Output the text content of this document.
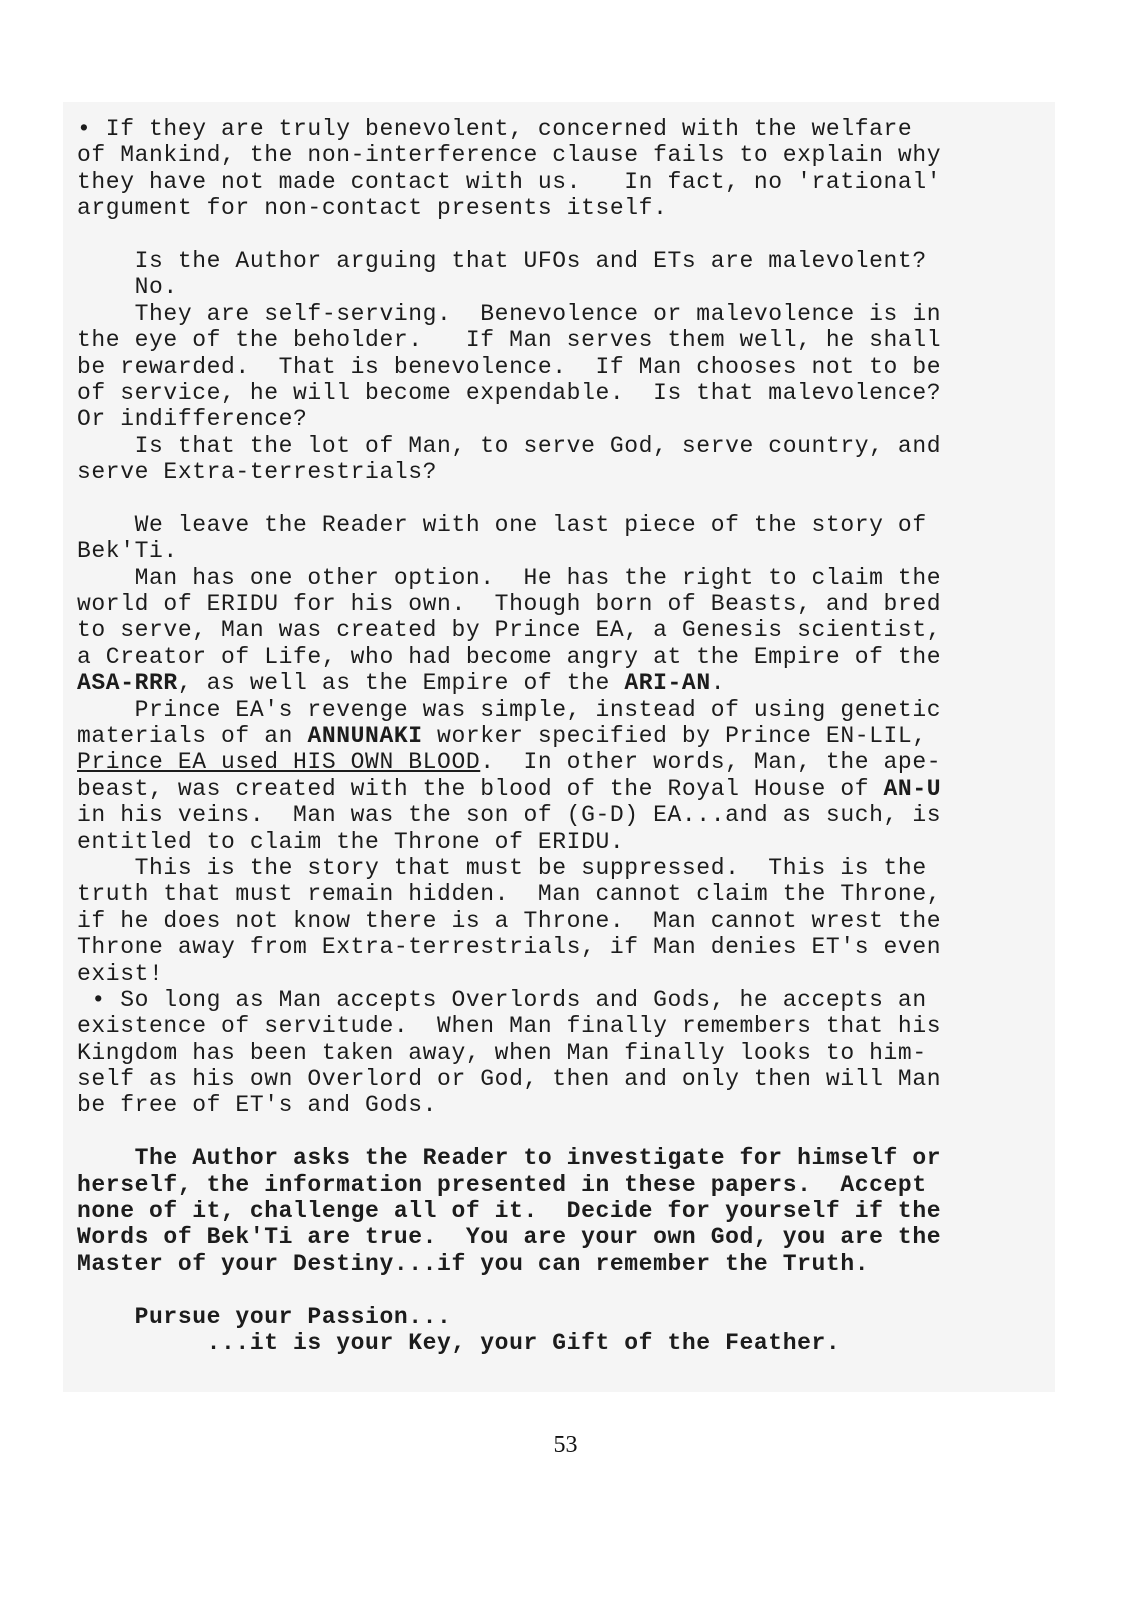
• If they are truly benevolent, concerned with the welfare
of Mankind, the non-interference clause fails to explain why
they have not made contact with us.   In fact, no 'rational'
argument for non-contact presents itself.
Is the Author arguing that UFOs and ETs are malevolent?
No.
They are self-serving.  Benevolence or malevolence is in
the eye of the beholder.   If Man serves them well, he shall
be rewarded.  That is benevolence.  If Man chooses not to be
of service, he will become expendable.  Is that malevolence?
Or indifference?
Is that the lot of Man, to serve God, serve country, and
serve Extra-terrestrials?
We leave the Reader with one last piece of the story of
Bek'Ti.
Man has one other option.  He has the right to claim the
world of ERIDU for his own.  Though born of Beasts, and bred
to serve, Man was created by Prince EA, a Genesis scientist,
a Creator of Life, who had become angry at the Empire of the
ASA-RRR, as well as the Empire of the ARI-AN.
Prince EA's revenge was simple, instead of using genetic
materials of an ANNUNAKI worker specified by Prince EN-LIL,
Prince EA used HIS OWN BLOOD.  In other words, Man, the ape-
beast, was created with the blood of the Royal House of AN-U
in his veins.  Man was the son of (G-D) EA...and as such, is
entitled to claim the Throne of ERIDU.
This is the story that must be suppressed.  This is the
truth that must remain hidden.  Man cannot claim the Throne,
if he does not know there is a Throne.  Man cannot wrest the
Throne away from Extra-terrestrials, if Man denies ET's even
exist!
• So long as Man accepts Overlords and Gods, he accepts an
existence of servitude.  When Man finally remembers that his
Kingdom has been taken away, when Man finally looks to him-
self as his own Overlord or God, then and only then will Man
be free of ET's and Gods.
The Author asks the Reader to investigate for himself or
herself, the information presented in these papers.  Accept
none of it, challenge all of it.  Decide for yourself if the
Words of Bek'Ti are true.  You are your own God, you are the
Master of your Destiny...if you can remember the Truth.
Pursue your Passion...
...it is your Key, your Gift of the Feather.
53
